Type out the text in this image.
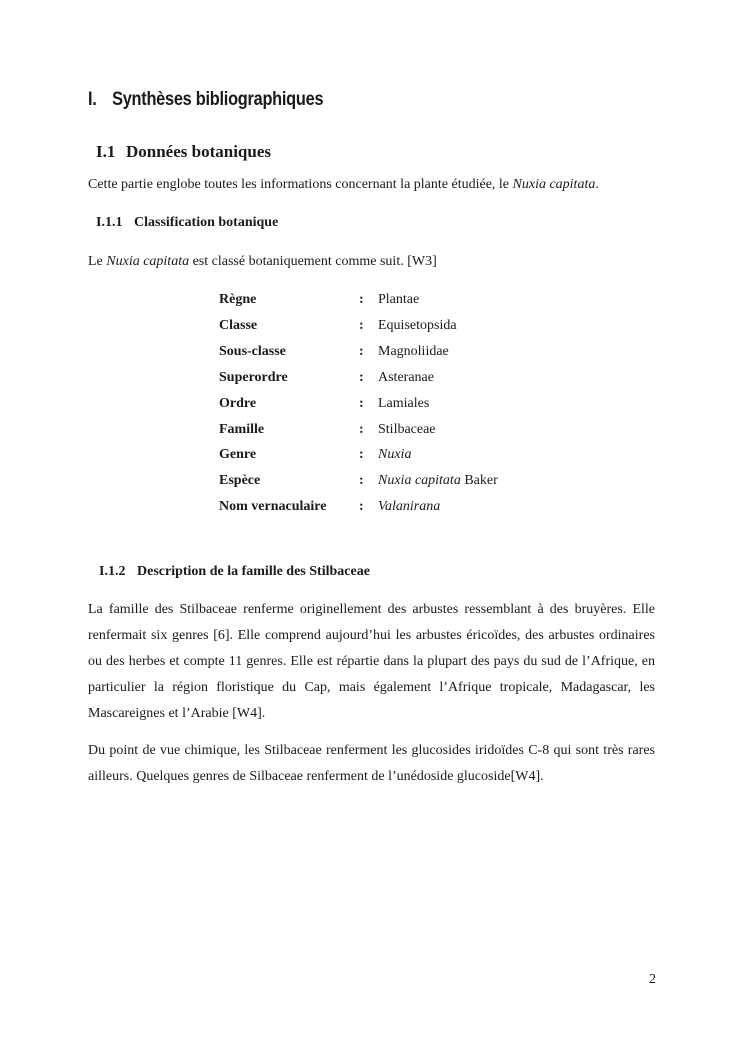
I. Synthèses bibliographiques
I.1 Données botaniques
Cette partie englobe toutes les informations concernant la plante étudiée, le Nuxia capitata.
I.1.1 Classification botanique
Le Nuxia capitata est classé botaniquement comme suit. [W3]
Règne	: Plantae
Classe	: Equisetopsida
Sous-classe	: Magnoliidae
Superordre	: Asteranae
Ordre	: Lamiales
Famille	: Stilbaceae
Genre	: Nuxia
Espèce	: Nuxia capitata Baker
Nom vernaculaire : Valanirana
I.1.2 Description de la famille des Stilbaceae
La famille des Stilbaceae renferme originellement des arbustes ressemblant à des bruyères. Elle renfermait six genres [6]. Elle comprend aujourd’hui les arbustes éricoïdes, des arbustes ordinaires ou des herbes et compte 11 genres. Elle est répartie dans la plupart des pays du sud de l’Afrique, en particulier la région floristique du Cap, mais également l’Afrique tropicale, Madagascar, les Mascareignes et l’Arabie [W4].
Du point de vue chimique, les Stilbaceae renferment les glucosides iridoïdes C-8 qui sont très rares ailleurs. Quelques genres de Silbaceae renferment de l’unédoside glucoside[W4].
2
